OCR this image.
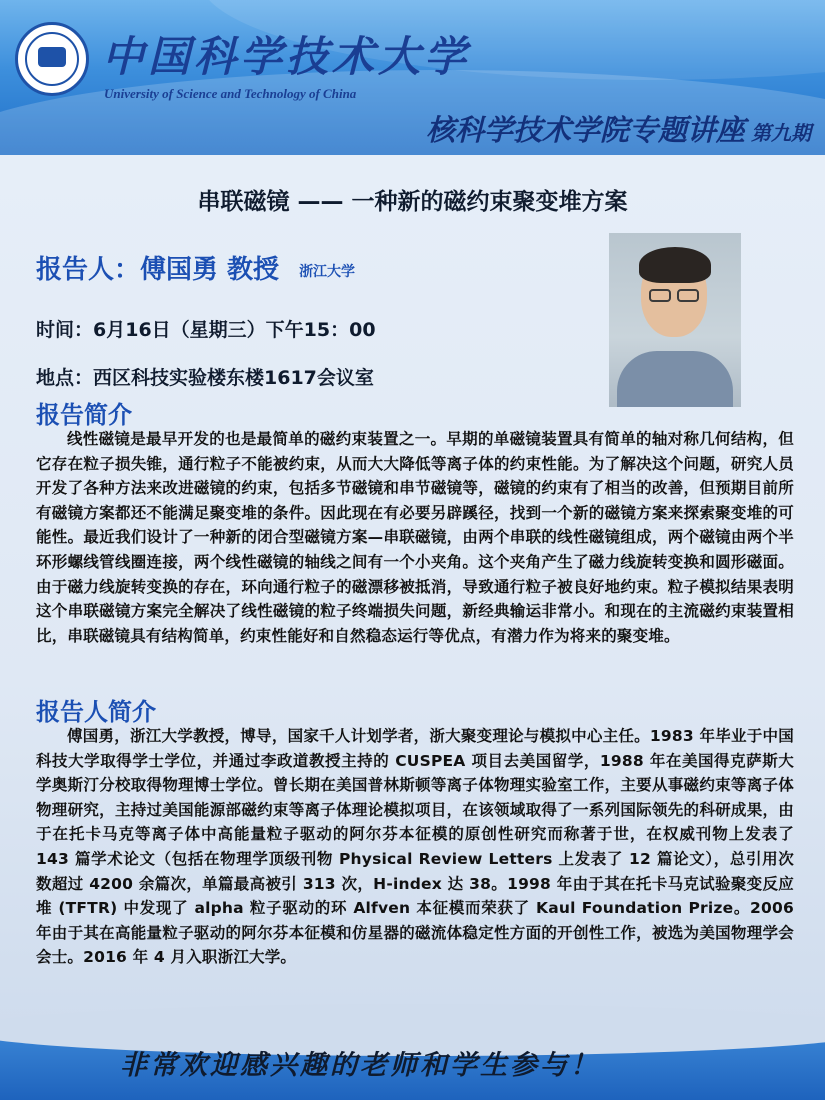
中国科学技术大学
University of Science and Technology of China
核科学技术学院专题讲座 第九期
串联磁镜 —— 一种新的磁约束聚变堆方案
报告人：傅国勇 教授 浙江大学
时间：6月16日（星期三）下午15：00
地点：西区科技实验楼东楼1617会议室
报告简介
线性磁镜是最早开发的也是最简单的磁约束装置之一。早期的单磁镜装置具有简单的轴对称几何结构，但它存在粒子损失锥，通行粒子不能被约束，从而大大降低等离子体的约束性能。为了解决这个问题，研究人员开发了各种方法来改进磁镜的约束，包括多节磁镜和串节磁镜等，磁镜的约束有了相当的改善，但预期目前所有磁镜方案都还不能满足聚变堆的条件。因此现在有必要另辟蹊径，找到一个新的磁镜方案来探索聚变堆的可能性。最近我们设计了一种新的闭合型磁镜方案—串联磁镜，由两个串联的线性磁镜组成，两个磁镜由两个半环形螺线管线圈连接，两个线性磁镜的轴线之间有一个小夹角。这个夹角产生了磁力线旋转变换和圆形磁面。由于磁力线旋转变换的存在，环向通行粒子的磁漂移被抵消，导致通行粒子被良好地约束。粒子模拟结果表明这个串联磁镜方案完全解决了线性磁镜的粒子终端损失问题，新经典输运非常小。和现在的主流磁约束装置相比，串联磁镜具有结构简单，约束性能好和自然稳态运行等优点，有潜力作为将来的聚变堆。
报告人简介
傅国勇，浙江大学教授，博导，国家千人计划学者，浙大聚变理论与模拟中心主任。1983 年毕业于中国科技大学取得学士学位，并通过李政道教授主持的 CUSPEA 项目去美国留学，1988 年在美国得克萨斯大学奥斯汀分校取得物理博士学位。曾长期在美国普林斯顿等离子体物理实验室工作，主要从事磁约束等离子体物理研究，主持过美国能源部磁约束等离子体理论模拟项目，在该领域取得了一系列国际领先的科研成果，由于在托卡马克等离子体中高能量粒子驱动的阿尔芬本征模的原创性研究而称著于世，在权威刊物上发表了 143 篇学术论文（包括在物理学顶级刊物 Physical Review Letters 上发表了 12 篇论文），总引用次数超过 4200 余篇次，单篇最高被引 313 次，H-index 达 38。1998 年由于其在托卡马克试验聚变反应堆 (TFTR) 中发现了 alpha 粒子驱动的环 Alfven 本征模而荣获了 Kaul Foundation Prize。2006 年由于其在高能量粒子驱动的阿尔芬本征模和仿星器的磁流体稳定性方面的开创性工作，被选为美国物理学会会士。2016 年 4 月入职浙江大学。
非常欢迎感兴趣的老师和学生参与！
